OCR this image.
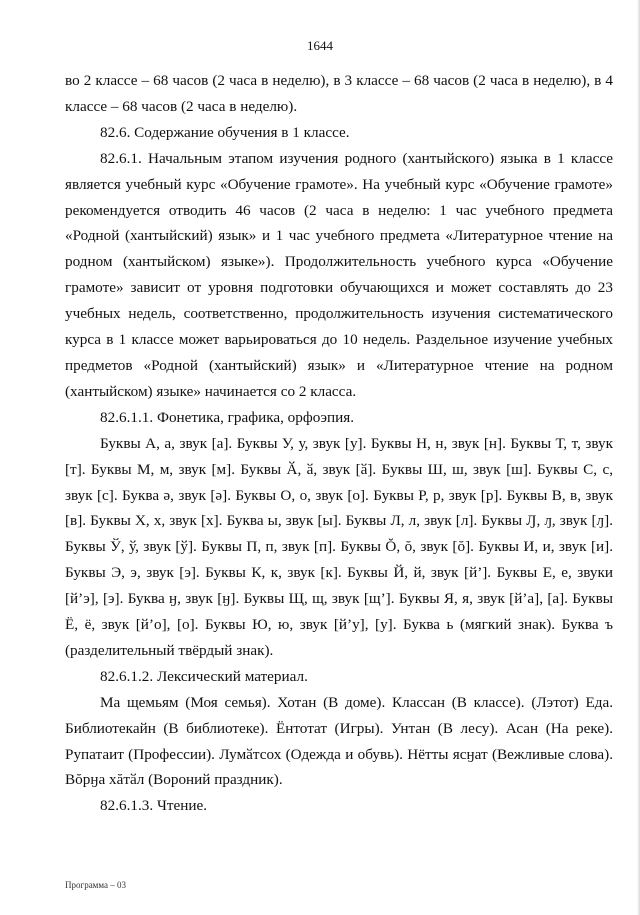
1644

во 2 классе – 68 часов (2 часа в неделю), в 3 классе – 68 часов (2 часа в неделю), в 4 классе – 68 часов (2 часа в неделю).

82.6. Содержание обучения в 1 классе.

82.6.1. Начальным этапом изучения родного (хантыйского) языка в 1 классе является учебный курс «Обучение грамоте». На учебный курс «Обучение грамоте» рекомендуется отводить 46 часов (2 часа в неделю: 1 час учебного предмета «Родной (хантыйский) язык» и 1 час учебного предмета «Литературное чтение на родном (хантыйском) языке»). Продолжительность учебного курса «Обучение грамоте» зависит от уровня подготовки обучающихся и может составлять до 23 учебных недель, соответственно, продолжительность изучения систематического курса в 1 классе может варьироваться до 10 недель. Раздельное изучение учебных предметов «Родной (хантыйский) язык» и «Литературное чтение на родном (хантыйском) языке» начинается со 2 класса.

82.6.1.1. Фонетика, графика, орфоэпия.

Буквы А, а, звук [а]. Буквы У, у, звук [у]. Буквы Н, н, звук [н]. Буквы Т, т, звук [т]. Буквы М, м, звук [м]. Буквы Ӑ, ӑ, звук [ӑ]. Буквы Ш, ш, звук [ш]. Буквы С, с, звук [с]. Буква ә, звук [ә]. Буквы О, о, звук [о]. Буквы Р, р, звук [р]. Буквы В, в, звук [в]. Буквы Х, х, звук [х]. Буква ы, звук [ы]. Буквы Л, л, звук [л]. Буквы Ԓ, ԓ, звук [ԓ]. Буквы Ў, ў, звук [ў]. Буквы П, п, звук [п]. Буквы Ŏ, ŏ, звук [ŏ]. Буквы И, и, звук [и]. Буквы Э, э, звук [э]. Буквы К, к, звук [к]. Буквы Й, й, звук [й’]. Буквы Е, е, звуки [й’э], [э]. Буква ӈ, звук [ӈ]. Буквы Щ, щ, звук [щ’]. Буквы Я, я, звук [й’а], [а]. Буквы Ё, ё, звук [й’о], [о]. Буквы Ю, ю, звук [й’у], [у]. Буква ь (мягкий знак). Буква ъ (разделительный твёрдый знак).

82.6.1.2. Лексический материал.

Ма щемьям (Моя семья). Хотан (В доме). Классан (В классе). (Лэтот) Еда. Библиотекайн (В библиотеке). Ёнтотат (Игры). Унтан (В лесу). Асан (На реке). Рупатаит (Профессии). Лумӑтсох (Одежда и обувь). Нётты ясӈат (Вежливые слова). Вŏрӈа хăтӑл (Вороний праздник).

82.6.1.3. Чтение.

Программа – 03
